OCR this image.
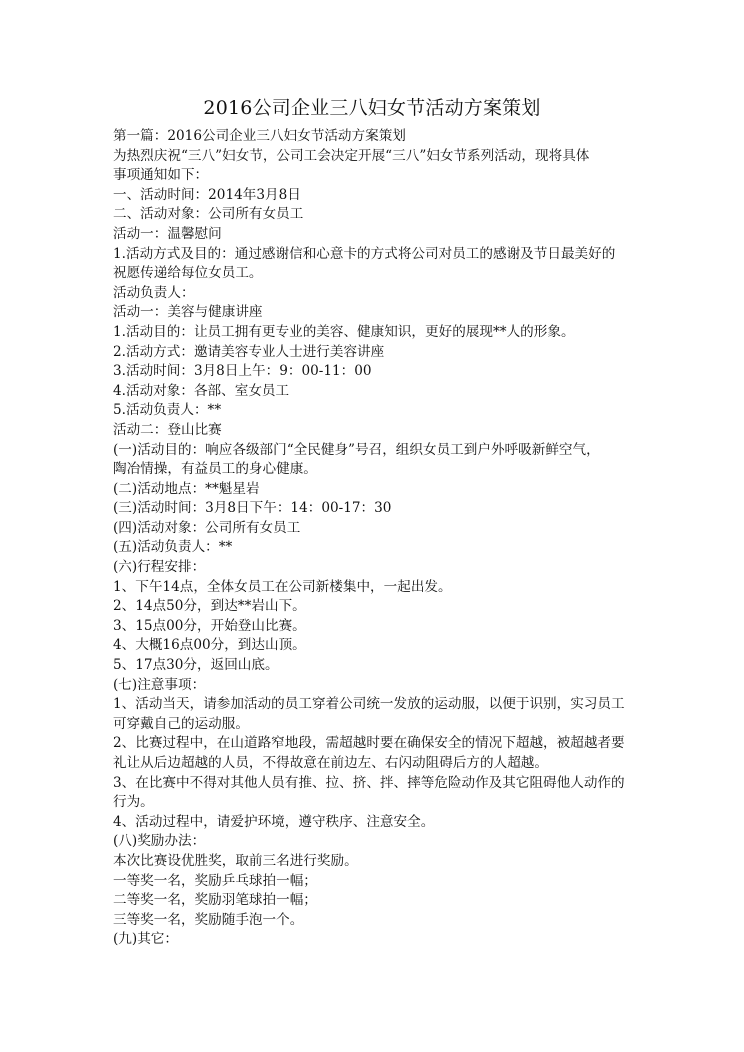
2016公司企业三八妇女节活动方案策划
第一篇：2016公司企业三八妇女节活动方案策划
为热烈庆祝“三八”妇女节，公司工会决定开展“三八”妇女节系列活动，现将具体
事项通知如下：
一、活动时间：2014年3月8日
二、活动对象：公司所有女员工
活动一：温馨慰问
1.活动方式及目的：通过感谢信和心意卡的方式将公司对员工的感谢及节日最美好的
祝愿传递给每位女员工。
活动负责人：
活动一：美容与健康讲座
1.活动目的：让员工拥有更专业的美容、健康知识，更好的展现**人的形象。
2.活动方式：邀请美容专业人士进行美容讲座
3.活动时间：3月8日上午：9：00-11：00
4.活动对象：各部、室女员工
5.活动负责人：**
活动二：登山比赛
(一)活动目的：响应各级部门“全民健身”号召，组织女员工到户外呼吸新鲜空气，
陶冶情操，有益员工的身心健康。
(二)活动地点：**魁星岩
(三)活动时间：3月8日下午：14：00-17：30
(四)活动对象：公司所有女员工
(五)活动负责人：**
(六)行程安排：
1、下午14点，全体女员工在公司新楼集中，一起出发。
2、14点50分，到达**岩山下。
3、15点00分，开始登山比赛。
4、大概16点00分，到达山顶。
5、17点30分，返回山底。
(七)注意事项：
1、活动当天，请参加活动的员工穿着公司统一发放的运动服，以便于识别，实习员工
可穿戴自己的运动服。
2、比赛过程中，在山道路窄地段，需超越时要在确保安全的情况下超越，被超越者要
礼让从后边超越的人员，不得故意在前边左、右闪动阻碍后方的人超越。
3、在比赛中不得对其他人员有推、拉、挤、拌、摔等危险动作及其它阻碍他人动作的
行为。
4、活动过程中，请爱护环境，遵守秩序、注意安全。
(八)奖励办法：
本次比赛设优胜奖，取前三名进行奖励。
一等奖一名，奖励乒乓球拍一幅；
二等奖一名，奖励羽笔球拍一幅；
三等奖一名，奖励随手泡一个。
(九)其它：
